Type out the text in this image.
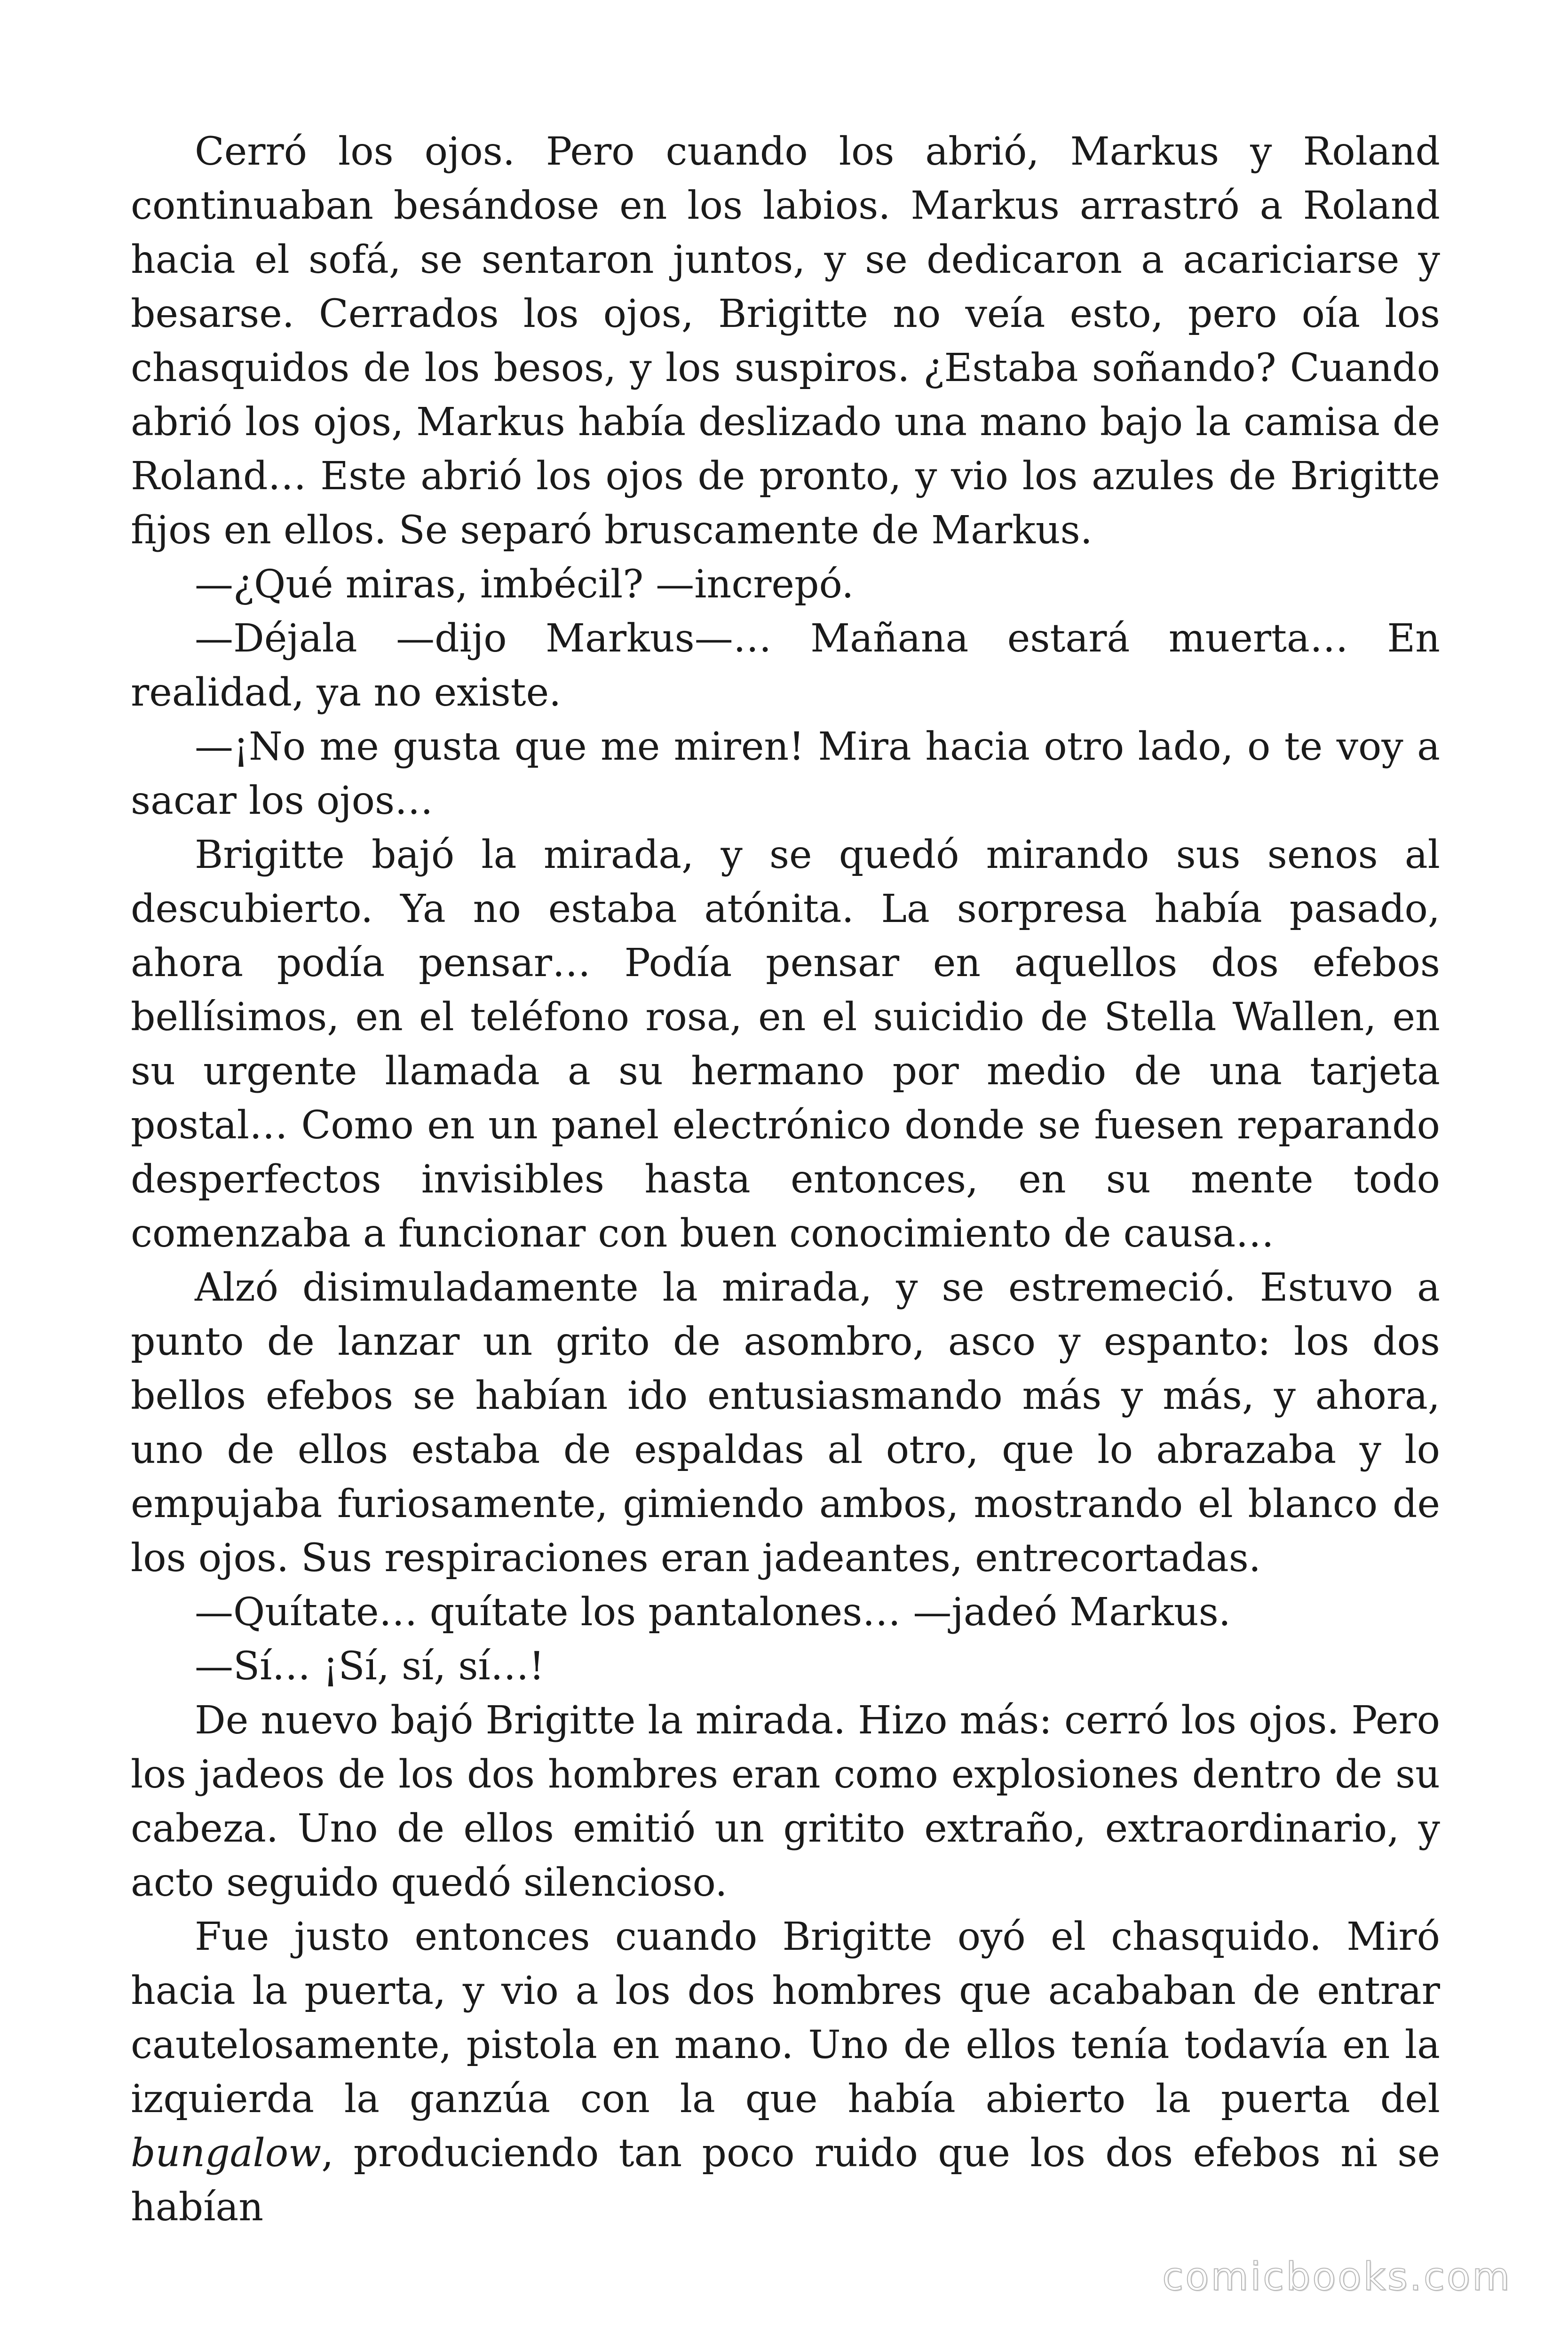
Cerró los ojos. Pero cuando los abrió, Markus y Roland continuaban besándose en los labios. Markus arrastró a Roland hacia el sofá, se sentaron juntos, y se dedicaron a acariciarse y besarse. Cerrados los ojos, Brigitte no veía esto, pero oía los chasquidos de los besos, y los suspiros. ¿Estaba soñando? Cuando abrió los ojos, Markus había deslizado una mano bajo la camisa de Roland… Este abrió los ojos de pronto, y vio los azules de Brigitte fijos en ellos. Se separó bruscamente de Markus.

—¿Qué miras, imbécil? —increpó.

—Déjala —dijo Markus—… Mañana estará muerta… En realidad, ya no existe.

—¡No me gusta que me miren! Mira hacia otro lado, o te voy a sacar los ojos…

Brigitte bajó la mirada, y se quedó mirando sus senos al descubierto. Ya no estaba atónita. La sorpresa había pasado, ahora podía pensar… Podía pensar en aquellos dos efebos bellísimos, en el teléfono rosa, en el suicidio de Stella Wallen, en su urgente llamada a su hermano por medio de una tarjeta postal… Como en un panel electrónico donde se fuesen reparando desperfectos invisibles hasta entonces, en su mente todo comenzaba a funcionar con buen conocimiento de causa…

Alzó disimuladamente la mirada, y se estremeció. Estuvo a punto de lanzar un grito de asombro, asco y espanto: los dos bellos efebos se habían ido entusiasmando más y más, y ahora, uno de ellos estaba de espaldas al otro, que lo abrazaba y lo empujaba furiosamente, gimiendo ambos, mostrando el blanco de los ojos. Sus respiraciones eran jadeantes, entrecortadas.

—Quítate… quítate los pantalones… —jadeó Markus.

—Sí… ¡Sí, sí, sí…!

De nuevo bajó Brigitte la mirada. Hizo más: cerró los ojos. Pero los jadeos de los dos hombres eran como explosiones dentro de su cabeza. Uno de ellos emitió un gritito extraño, extraordinario, y acto seguido quedó silencioso.

Fue justo entonces cuando Brigitte oyó el chasquido. Miró hacia la puerta, y vio a los dos hombres que acababan de entrar cautelosamente, pistola en mano. Uno de ellos tenía todavía en la izquierda la ganzúa con la que había abierto la puerta del bungalow, produciendo tan poco ruido que los dos efebos ni se habían

comicbooks.com
